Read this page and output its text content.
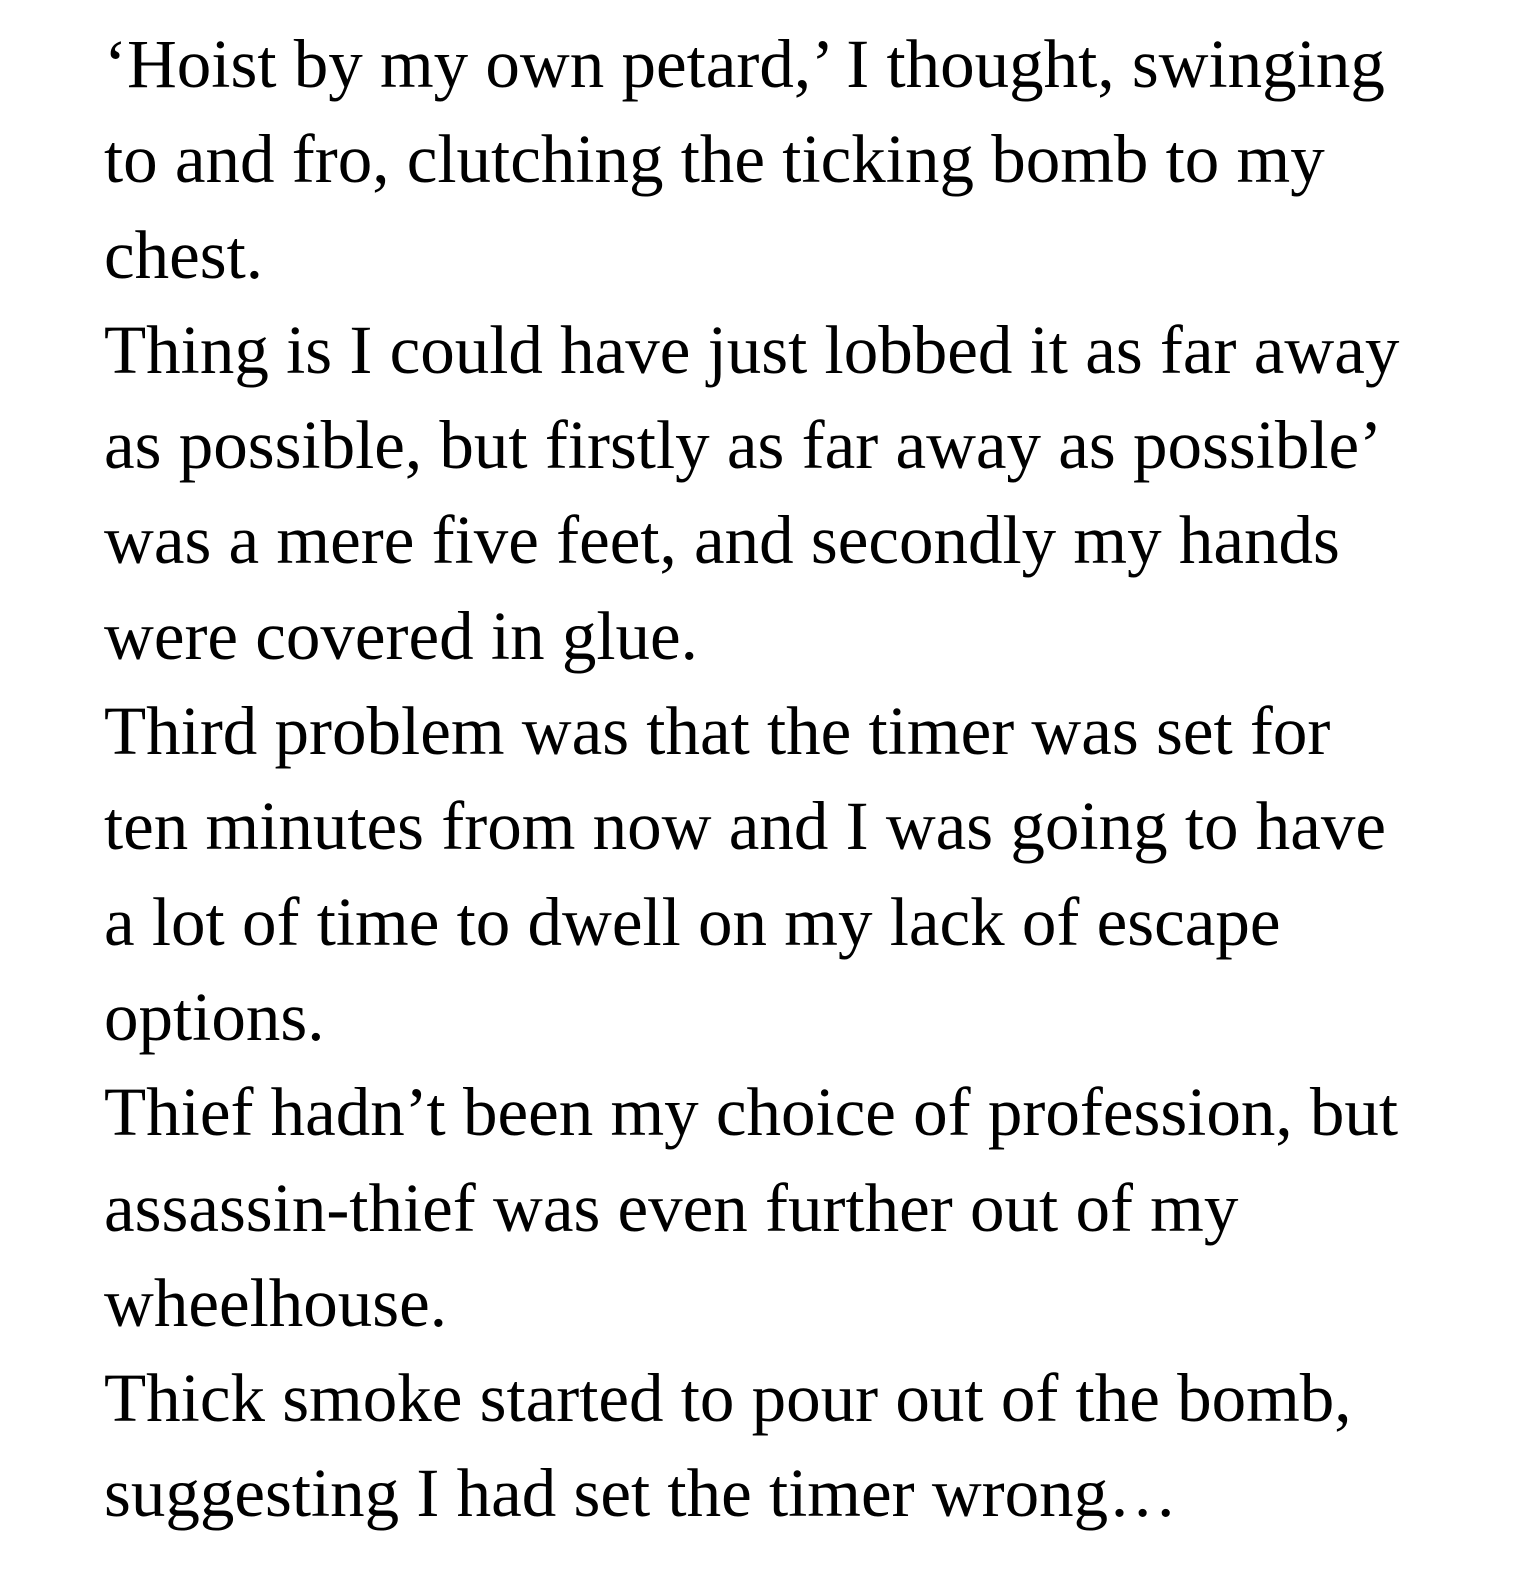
‘Hoist by my own petard,’ I thought, swinging
to and fro, clutching the ticking bomb to my
chest.
Thing is I could have just lobbed it as far away
as possible, but firstly as far away as possible’
was a mere five feet, and secondly my hands
were covered in glue.
Third problem was that the timer was set for
ten minutes from now and I was going to have
a lot of time to dwell on my lack of escape
options.
Thief hadn’t been my choice of profession, but
assassin-thief was even further out of my
wheelhouse.
Thick smoke started to pour out of the bomb,
suggesting I had set the timer wrong…
